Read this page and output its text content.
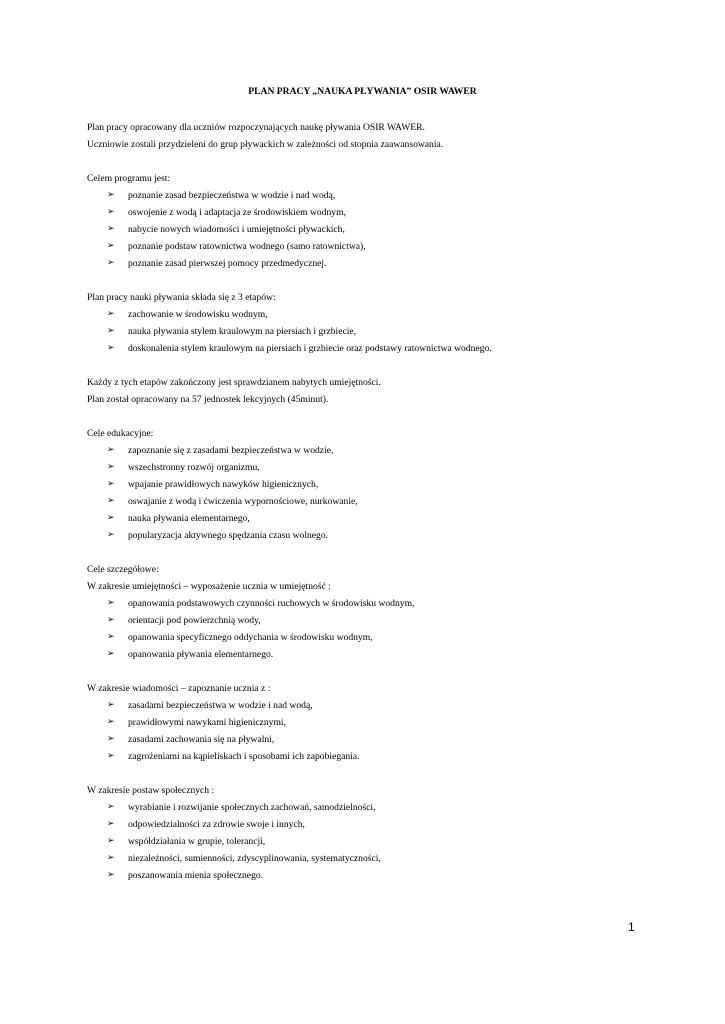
PLAN PRACY „NAUKA PŁYWANIA” OSIR WAWER

Plan pracy opracowany dla uczniów rozpoczynających naukę pływania OSIR WAWER.

Uczniowie zostali przydzieleni do grup pływackich w zależności od stopnia zaawansowania.

Celem programu jest:

➢ poznanie zasad bezpieczeństwa w wodzie i nad wodą,
➢ oswojenie z wodą i adaptacja ze środowiskiem wodnym,
➢ nabycie nowych wiadomości i umiejętności pływackich,
➢ poznanie podstaw ratownictwa wodnego (samo ratownictwa),
➢ poznanie zasad pierwszej pomocy przedmedycznej.

Plan pracy nauki pływania składa się z 3 etapów:

➢ zachowanie w środowisku wodnym,
➢ nauka pływania stylem kraulowym na piersiach i grzbiecie,
➢ doskonalenia stylem kraulowym na piersiach i grzbiecie oraz podstawy ratownictwa wodnego.

Każdy z tych etapów zakończony jest sprawdzianem nabytych umiejętności.

Plan został opracowany na 57 jednostek lekcyjnych (45minut).

Cele edukacyjne:

➢ zapoznanie się z zasadami bezpieczeństwa w wodzie,
➢ wszechstronny rozwój organizmu,
➢ wpajanie prawidłowych nawyków higienicznych,
➢ oswajanie z wodą i ćwiczenia wypornościowe, nurkowanie,
➢ nauka pływania elementarnego,
➢ popularyzacja aktywnego spędzania czasu wolnego.

Cele szczegółowe:

W zakresie umiejętności – wyposażenie ucznia w umiejętność :

➢ opanowania podstawowych czynności ruchowych w środowisku wodnym,
➢ orientacji pod powierzchnią wody,
➢ opanowania specyficznego oddychania w środowisku wodnym,
➢ opanowania pływania elementarnego.

W zakresie wiadomości – zapoznanie ucznia z :

➢ zasadami bezpieczeństwa w wodzie i nad wodą,
➢ prawidłowymi nawykami higienicznymi,
➢ zasadami zachowania się na pływalni,
➢ zagrożeniami na kąpieliskach i sposobami ich zapobiegania.

W zakresie postaw społecznych :

➢ wyrabianie i rozwijanie społecznych zachowań, samodzielności,
➢ odpowiedzialności za zdrowie swoje i innych,
➢ współdziałania w grupie, tolerancji,
➢ niezależności, sumienności, zdyscyplinowania, systematyczności,
➢ poszanowania mienia społecznego.
1
